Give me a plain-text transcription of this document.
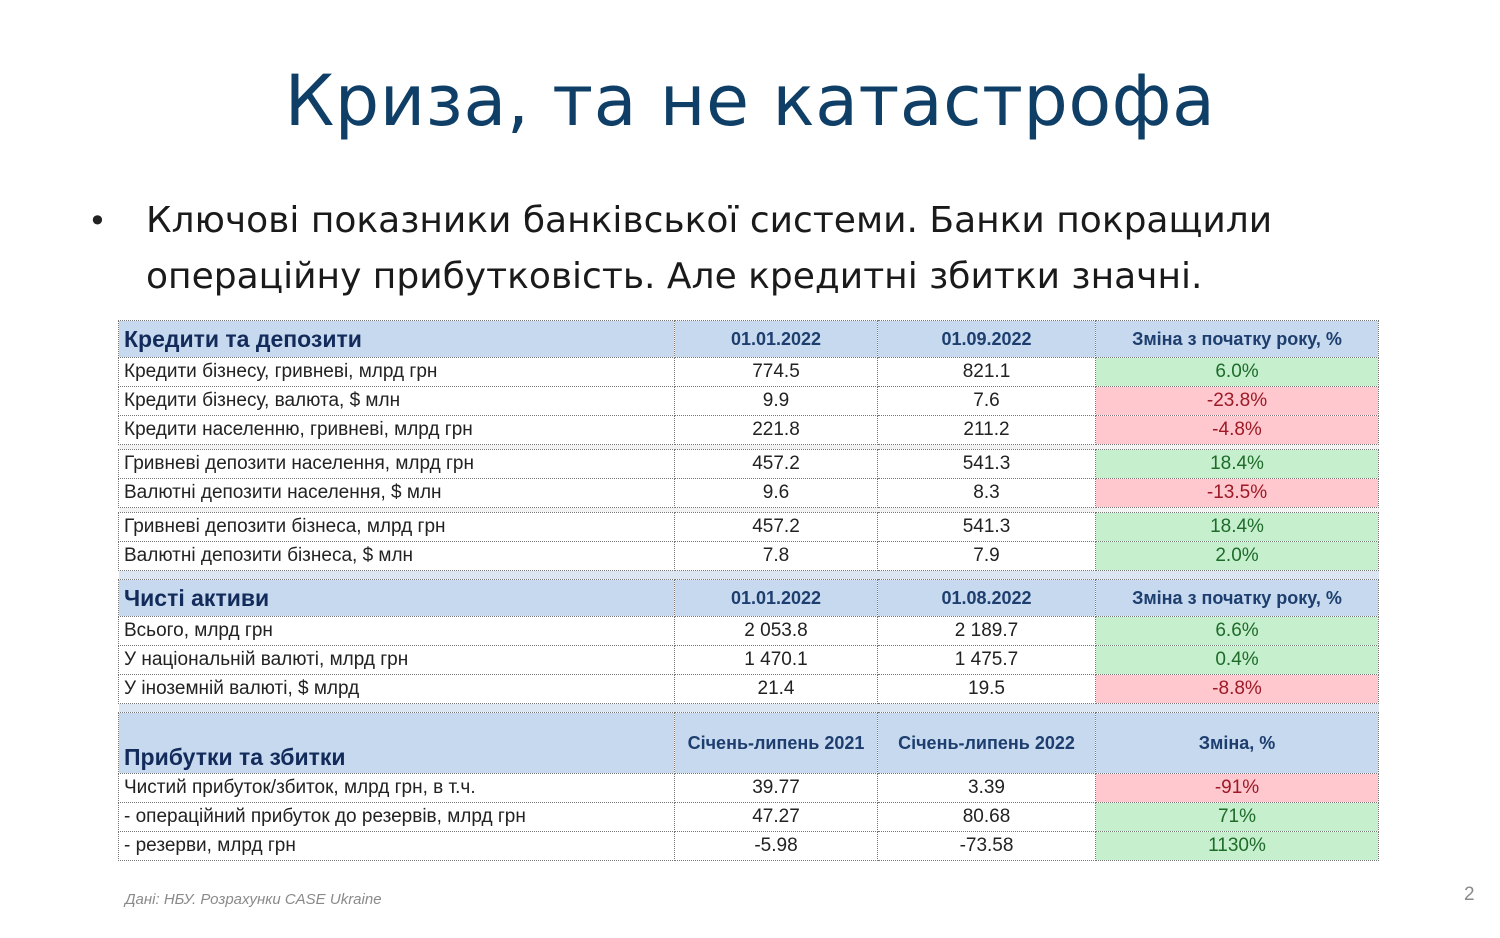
Криза, та не катастрофа
•	Ключові показники банківської системи. Банки покращили операційну прибутковість. Але кредитні збитки значні.
Кредити та депозити	01.01.2022	01.09.2022	Зміна з початку року, %
Кредити бізнесу, гривневі, млрд грн	774.5	821.1	6.0%
Кредити бізнесу, валюта, $ млн	9.9	7.6	-23.8%
Кредити населенню, гривневі, млрд грн	221.8	211.2	-4.8%

Гривневі депозити населення, млрд грн	457.2	541.3	18.4%
Валютні депозити населення, $ млн	9.6	8.3	-13.5%

Гривневі депозити бізнеса, млрд грн	457.2	541.3	18.4%
Валютні депозити бізнеса, $ млн	7.8	7.9	2.0%

Чисті активи	01.01.2022	01.08.2022	Зміна з початку року, %
Всього, млрд грн	2 053.8	2 189.7	6.6%
У національній валюті, млрд грн	1 470.1	1 475.7	0.4%
У іноземній валюті, $ млрд	21.4	19.5	-8.8%

Прибутки та збитки	Січень-липень 2021	Січень-липень 2022	Зміна, %
Чистий прибуток/збиток, млрд грн, в т.ч.	39.77	3.39	-91%
- операційний прибуток до резервів, млрд грн	47.27	80.68	71%
- резерви, млрд грн	-5.98	-73.58	1130%
Дані: НБУ. Розрахунки CASE Ukraine	2
